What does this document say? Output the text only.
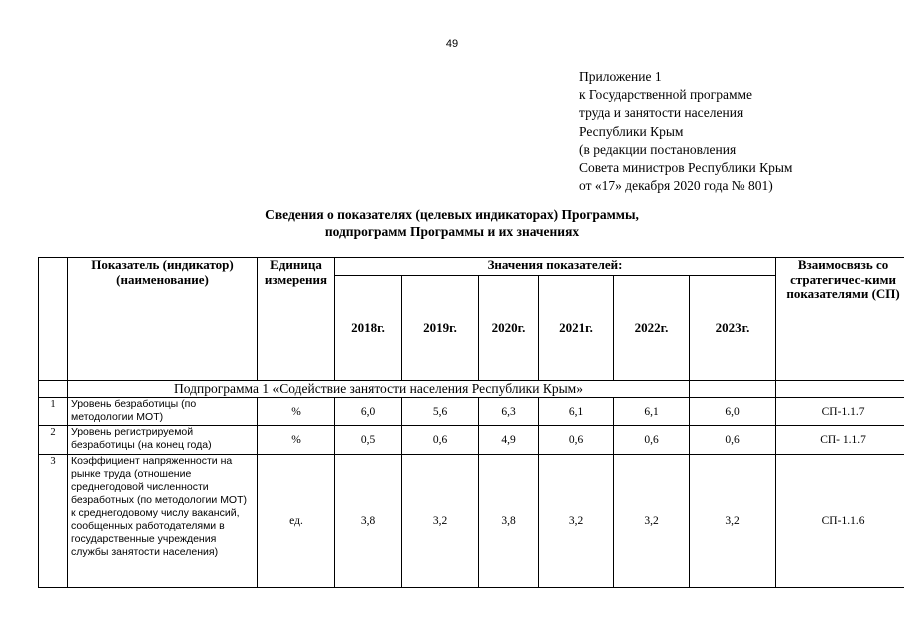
49
Приложение 1
к Государственной программе
труда и занятости населения
Республики Крым
(в редакции постановления
Совета министров Республики Крым
от «17» декабря 2020 года № 801)
Сведения о показателях (целевых индикаторах) Программы,
подпрограмм Программы и их значениях
	Показатель (индикатор) (наименование)	Единица измерения	Значения показателей:						Взаимосвязь со стратегичес-кими показателями (СП)
			2018г.	2019г.	2020г.	2021г.	2022г.	2023г.	
	Подпрограмма 1 «Содействие занятости населения Республики Крым»								
1	Уровень безработицы (по методологии МОТ)	%	6,0	5,6	6,3	6,1	6,1	6,0	СП-1.1.7
2	Уровень регистрируемой безработицы (на конец года)	%	0,5	0,6	4,9	0,6	0,6	0,6	СП- 1.1.7
3	Коэффициент напряженности на рынке труда (отношение среднегодовой численности безработных (по методологии МОТ) к среднегодовому числу вакансий, сообщенных работодателями в государственные учреждения службы занятости населения)	ед.	3,8	3,2	3,8	3,2	3,2	3,2	СП-1.1.6
